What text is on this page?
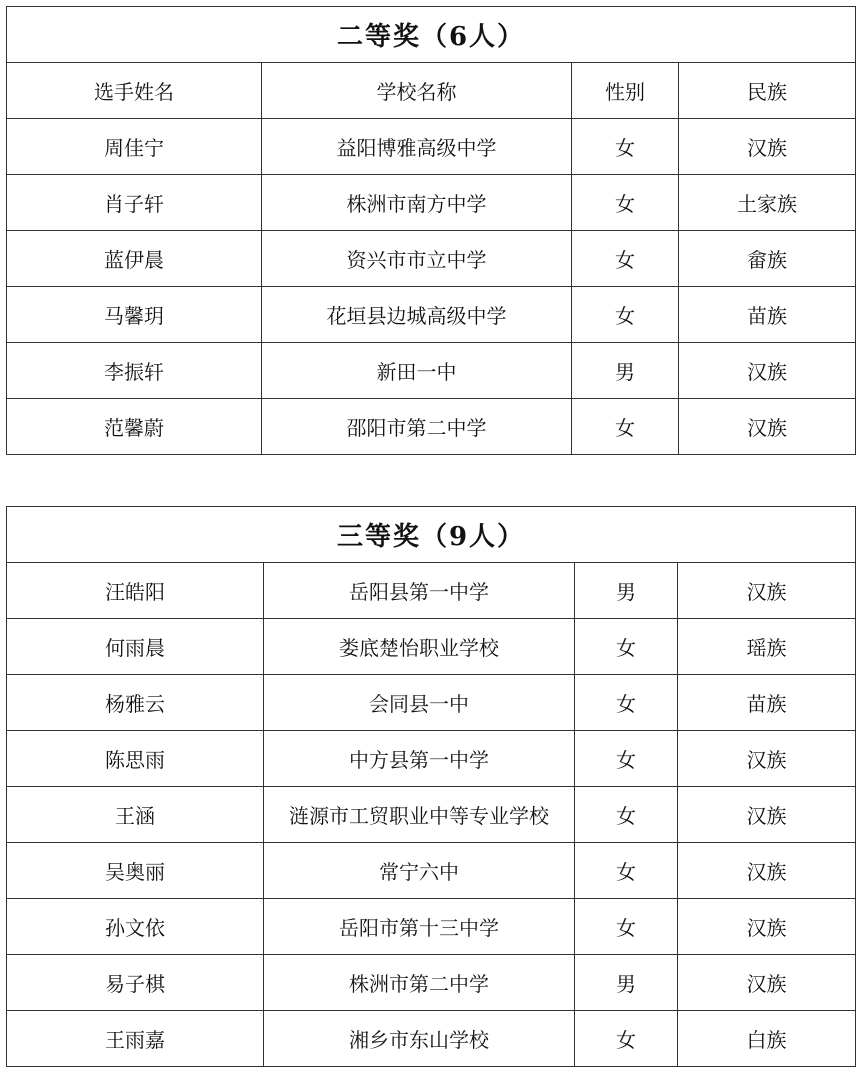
二等奖（6人）			
选手姓名	学校名称	性别	民族
周佳宁	益阳博雅高级中学	女	汉族
肖子轩	株洲市南方中学	女	土家族
蓝伊晨	资兴市市立中学	女	畲族
马馨玥	花垣县边城高级中学	女	苗族
李振轩	新田一中	男	汉族
范馨蔚	邵阳市第二中学	女	汉族
三等奖（9人）			
汪皓阳	岳阳县第一中学	男	汉族
何雨晨	娄底楚怡职业学校	女	瑶族
杨雅云	会同县一中	女	苗族
陈思雨	中方县第一中学	女	汉族
王涵	涟源市工贸职业中等专业学校	女	汉族
吴奥丽	常宁六中	女	汉族
孙文依	岳阳市第十三中学	女	汉族
易子棋	株洲市第二中学	男	汉族
王雨嘉	湘乡市东山学校	女	白族
